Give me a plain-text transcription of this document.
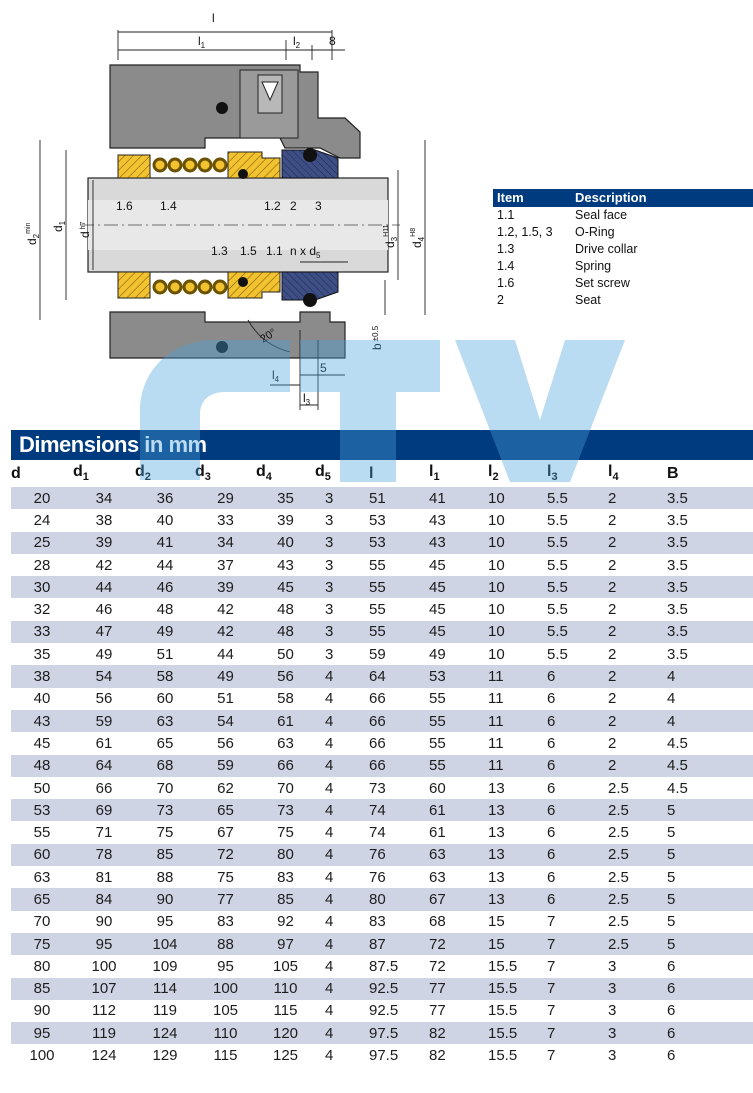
l
$l_1$	$l_2$ 8
1.6 1.4	1.2 2 3
1.3 1.5 1.1 n x $d_5$
20°
$l_4$
5
$l_3$
$d_2^{min}$	$d_1$
$d^{h7}$
$d_3^{H11}$
$d_4^{H8}$
$b^{\pm 0.5}$
Item	Description
1.1	Seal face
1.2, 1.5, 3	O-Ring
1.3	Drive collar
1.4	Spring
1.6	Set screw
2	Seat
Dimensions in mm
d	$d_1$	$d_2$	$d_3$	$d_4$	$d_5$	l	$l_1$	$l_2$	$l_3$	$l_4$	B
20	34	36	29	35	3	51	41	10	5.5	2	3.5
24	38	40	33	39	3	53	43	10	5.5	2	3.5
25	39	41	34	40	3	53	43	10	5.5	2	3.5
28	42	44	37	43	3	55	45	10	5.5	2	3.5
30	44	46	39	45	3	55	45	10	5.5	2	3.5
32	46	48	42	48	3	55	45	10	5.5	2	3.5
33	47	49	42	48	3	55	45	10	5.5	2	3.5
35	49	51	44	50	3	59	49	10	5.5	2	3.5
38	54	58	49	56	4	64	53	11	6	2	4
40	56	60	51	58	4	66	55	11	6	2	4
43	59	63	54	61	4	66	55	11	6	2	4
45	61	65	56	63	4	66	55	11	6	2	4.5
48	64	68	59	66	4	66	55	11	6	2	4.5
50	66	70	62	70	4	73	60	13	6	2.5	4.5
53	69	73	65	73	4	74	61	13	6	2.5	5
55	71	75	67	75	4	74	61	13	6	2.5	5
60	78	85	72	80	4	76	63	13	6	2.5	5
63	81	88	75	83	4	76	63	13	6	2.5	5
65	84	90	77	85	4	80	67	13	6	2.5	5
70	90	95	83	92	4	83	68	15	7	2.5	5
75	95	104	88	97	4	87	72	15	7	2.5	5
80	100	109	95	105	4	87.5	72	15.5	7	3	6
85	107	114	100	110	4	92.5	77	15.5	7	3	6
90	112	119	105	115	4	92.5	77	15.5	7	3	6
95	119	124	110	120	4	97.5	82	15.5	7	3	6
100	124	129	115	125	4	97.5	82	15.5	7	3	6
